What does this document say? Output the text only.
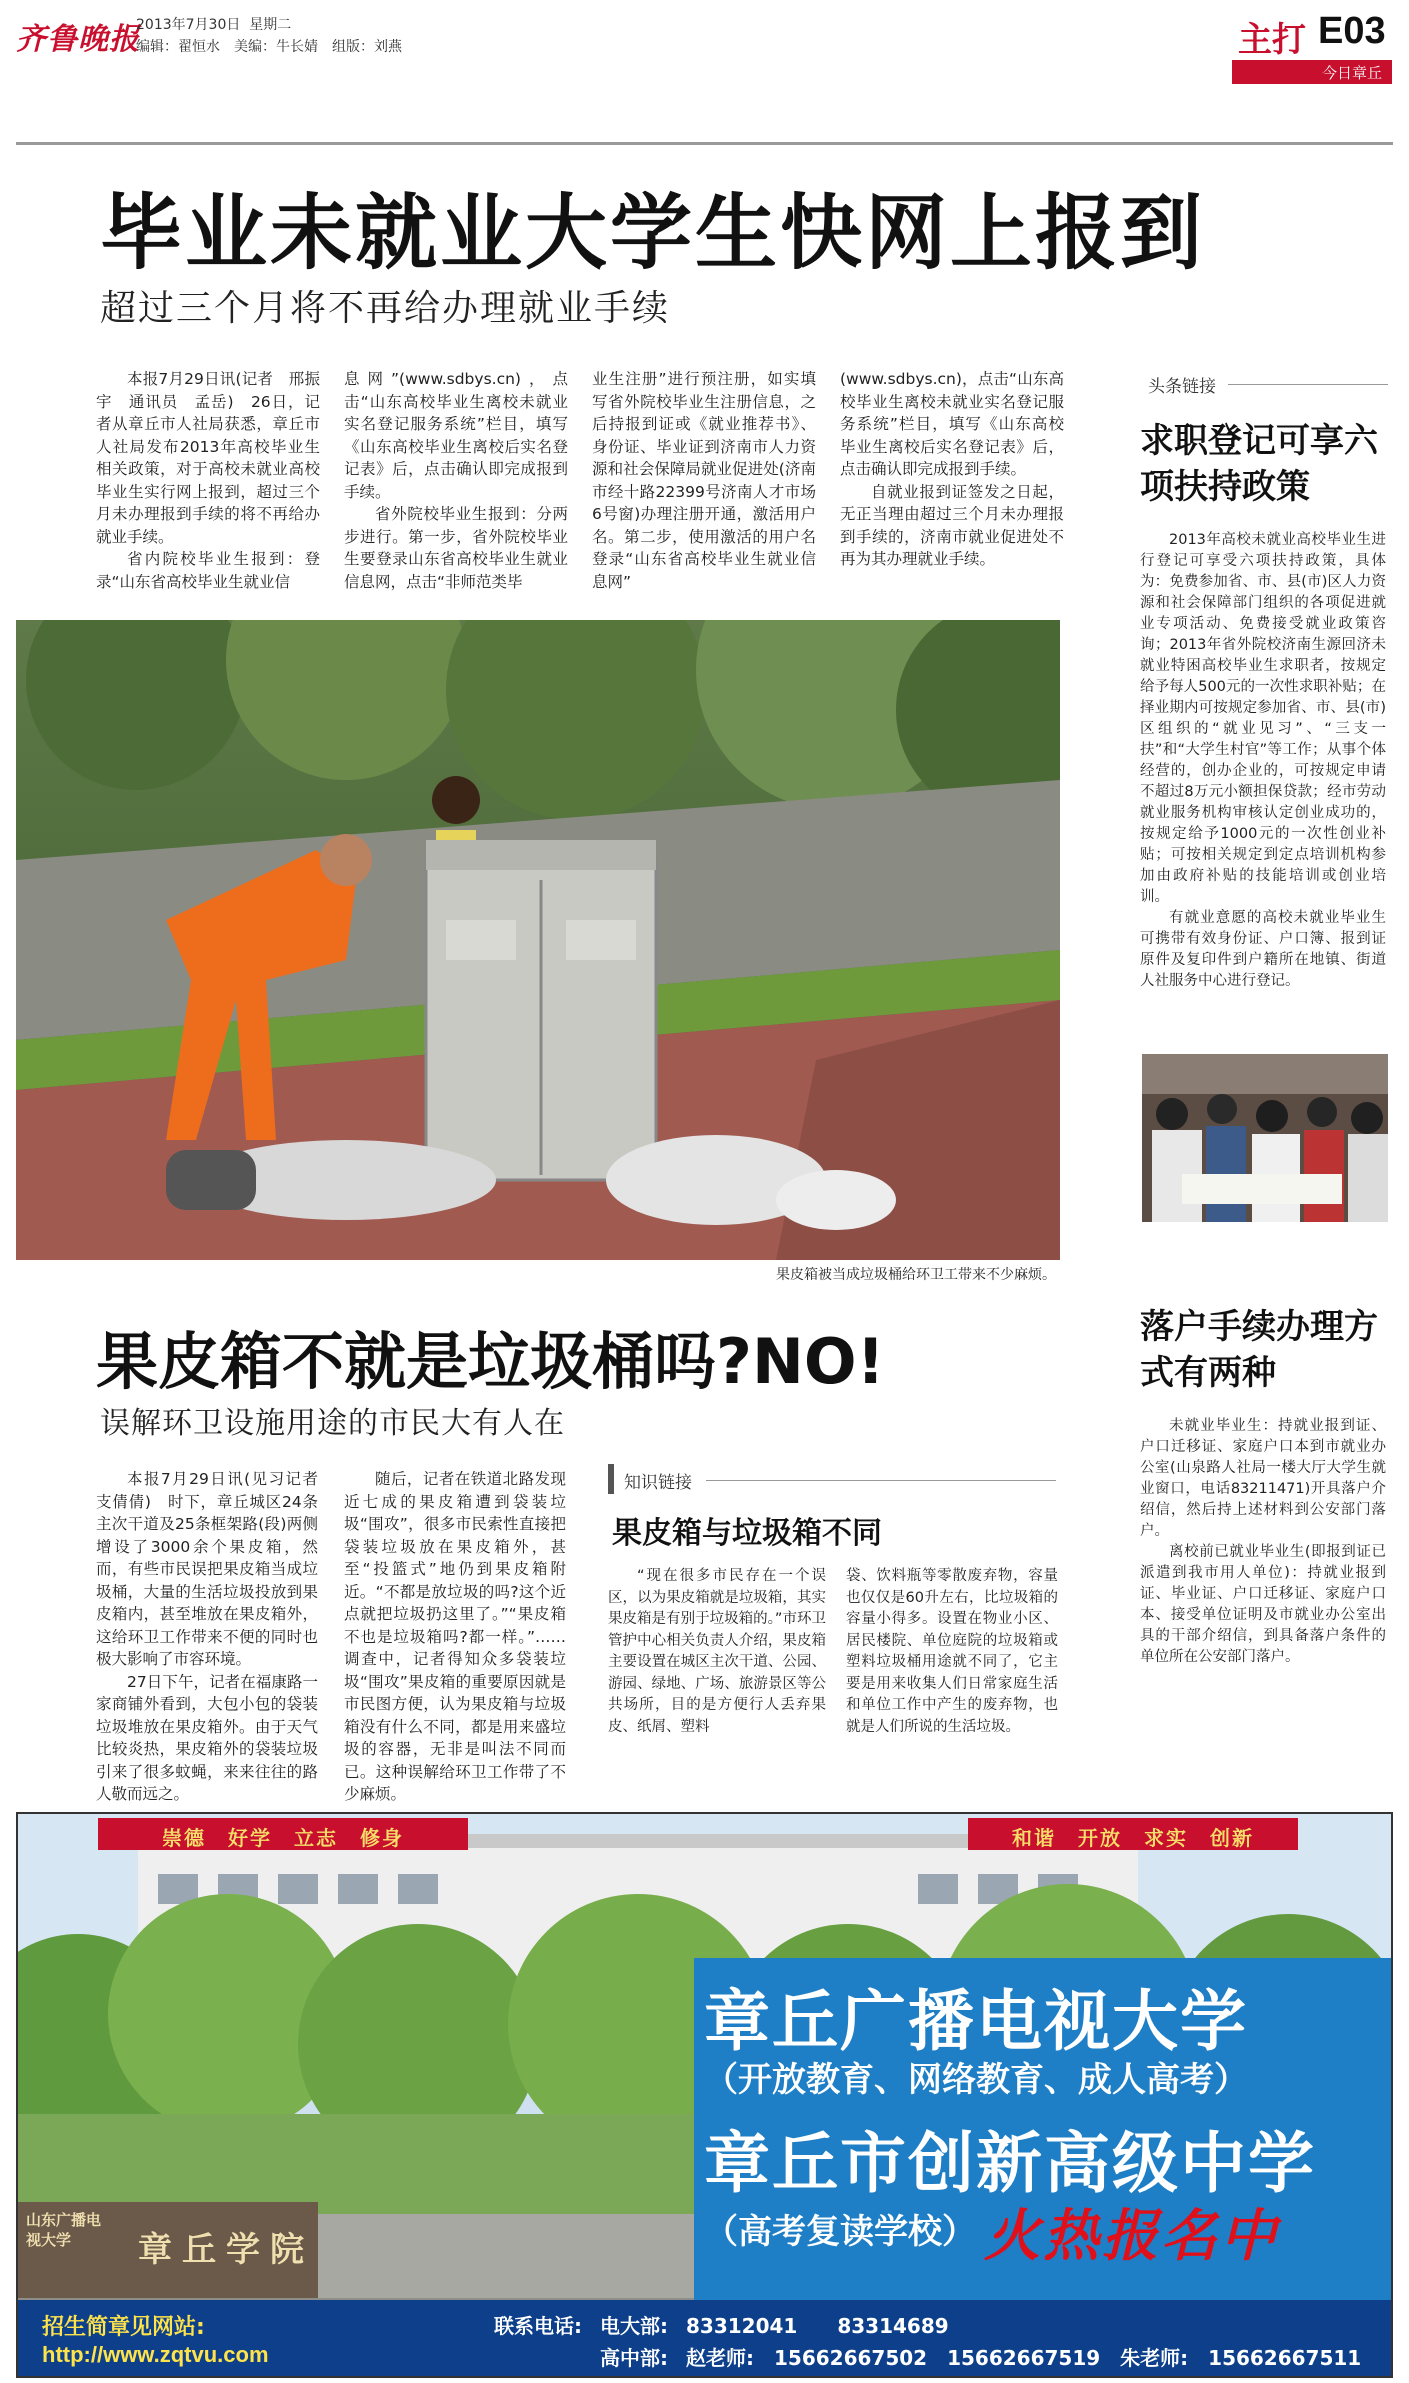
齐鲁晚报
2013年7月30日 星期二
编辑：翟恒水　美编：牛长婧　组版：刘燕	主打 E03
今日章丘
毕业未就业大学生快网上报到
超过三个月将不再给办理就业手续

本报7月29日讯(记者　邢振宇　通讯员　孟岳)　26日，记者从章丘市人社局获悉，章丘市人社局发布2013年高校毕业生相关政策，对于高校未就业高校毕业生实行网上报到，超过三个月未办理报到手续的将不再给办就业手续。

省内院校毕业生报到：登录“山东省高校毕业生就业信

息网”(www.sdbys.cn)，点击“山东高校毕业生离校未就业实名登记服务系统”栏目，填写《山东高校毕业生离校后实名登记表》后，点击确认即完成报到手续。

省外院校毕业生报到：分两步进行。第一步，省外院校毕业生要登录山东省高校毕业生就业信息网，点击“非师范类毕

业生注册”进行预注册，如实填写省外院校毕业生注册信息，之后持报到证或《就业推荐书》、身份证、毕业证到济南市人力资源和社会保障局就业促进处(济南市经十路22399号济南人才市场6号窗)办理注册开通，激活用户名。第二步，使用激活的用户名登录“山东省高校毕业生就业信息网”

(www.sdbys.cn)，点击“山东高校毕业生离校未就业实名登记服务系统”栏目，填写《山东高校毕业生离校后实名登记表》后，点击确认即完成报到手续。

自就业报到证签发之日起，无正当理由超过三个月未办理报到手续的，济南市就业促进处不再为其办理就业手续。

果皮箱被当成垃圾桶给环卫工带来不少麻烦。
头条链接
求职登记可享六项扶持政策

2013年高校未就业高校毕业生进行登记可享受六项扶持政策，具体为：免费参加省、市、县(市)区人力资源和社会保障部门组织的各项促进就业专项活动、免费接受就业政策咨询；2013年省外院校济南生源回济未就业特困高校毕业生求职者，按规定给予每人500元的一次性求职补贴；在择业期内可按规定参加省、市、县(市)区组织的“就业见习”、“三支一扶”和“大学生村官”等工作；从事个体经营的，创办企业的，可按规定申请不超过8万元小额担保贷款；经市劳动就业服务机构审核认定创业成功的，按规定给予1000元的一次性创业补贴；可按相关规定到定点培训机构参加由政府补贴的技能培训或创业培训。

有就业意愿的高校未就业毕业生可携带有效身份证、户口簿、报到证原件及复印件到户籍所在地镇、街道人社服务中心进行登记。

果皮箱不就是垃圾桶吗?NO!
误解环卫设施用途的市民大有人在

本报7月29日讯(见习记者　支倩倩)　时下，章丘城区24条主次干道及25条框架路(段)两侧增设了3000余个果皮箱，然而，有些市民误把果皮箱当成垃圾桶，大量的生活垃圾投放到果皮箱内，甚至堆放在果皮箱外，这给环卫工作带来不便的同时也极大影响了市容环境。

27日下午，记者在福康路一家商铺外看到，大包小包的袋装垃圾堆放在果皮箱外。由于天气比较炎热，果皮箱外的袋装垃圾引来了很多蚊蝇，来来往往的路人敬而远之。

随后，记者在铁道北路发现近七成的果皮箱遭到袋装垃圾“围攻”，很多市民索性直接把袋装垃圾放在果皮箱外，甚至“投篮式”地仍到果皮箱附近。“不都是放垃圾的吗?这个近点就把垃圾扔这里了。”“果皮箱不也是垃圾箱吗?都一样。”……调查中，记者得知众多袋装垃圾“围攻”果皮箱的重要原因就是市民图方便，认为果皮箱与垃圾箱没有什么不同，都是用来盛垃圾的容器，无非是叫法不同而已。这种误解给环卫工作带了不少麻烦。

知识链接
果皮箱与垃圾箱不同

“现在很多市民存在一个误区，以为果皮箱就是垃圾箱，其实果皮箱是有别于垃圾箱的。”市环卫管护中心相关负责人介绍，果皮箱主要设置在城区主次干道、公园、游园、绿地、广场、旅游景区等公共场所，目的是方便行人丢弃果皮、纸屑、塑料

袋、饮料瓶等零散废弃物，容量也仅仅是60升左右，比垃圾箱的容量小得多。设置在物业小区、居民楼院、单位庭院的垃圾箱或塑料垃圾桶用途就不同了，它主要是用来收集人们日常家庭生活和单位工作中产生的废弃物，也就是人们所说的生活垃圾。

落户手续办理方式有两种

未就业毕业生：持就业报到证、户口迁移证、家庭户口本到市就业办公室(山泉路人社局一楼大厅大学生就业窗口，电话83211471)开具落户介绍信，然后持上述材料到公安部门落户。

离校前已就业毕业生(即报到证已派遣到我市用人单位)：持就业报到证、毕业证、户口迁移证、家庭户口本、接受单位证明及市就业办公室出具的干部介绍信，到具备落户条件的单位所在公安部门落户。

崇德　好学　立志　修身	和谐　开放　求实　创新
山东广播电视大学	章丘学院
章丘广播电视大学
（开放教育、网络教育、成人高考）
章丘市创新高级中学
（高考复读学校） 火热报名中
招生简章见网站:
http://www.zqtvu.com
联系电话: 电大部: 83312041　　83314689
高中部: 赵老师:　15662667502　15662667519　朱老师:　15662667511
